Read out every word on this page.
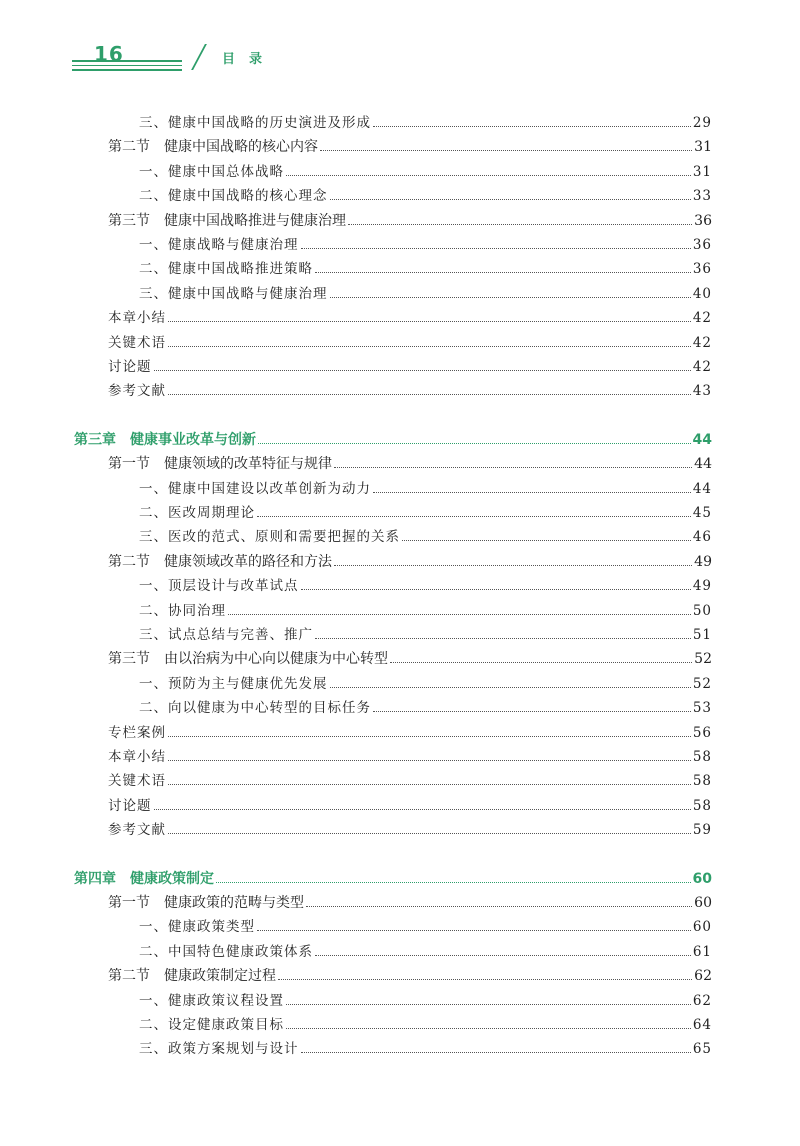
16	目录
三、健康中国战略的历史演进及形成	29
第二节　健康中国战略的核心内容	31
一、健康中国总体战略	31
二、健康中国战略的核心理念	33
第三节　健康中国战略推进与健康治理	36
一、健康战略与健康治理	36
二、健康中国战略推进策略	36
三、健康中国战略与健康治理	40
本章小结	42
关键术语	42
讨论题	42
参考文献	43
第三章　健康事业改革与创新	44
第一节　健康领域的改革特征与规律	44
一、健康中国建设以改革创新为动力	44
二、医改周期理论	45
三、医改的范式、原则和需要把握的关系	46
第二节　健康领域改革的路径和方法	49
一、顶层设计与改革试点	49
二、协同治理	50
三、试点总结与完善、推广	51
第三节　由以治病为中心向以健康为中心转型	52
一、预防为主与健康优先发展	52
二、向以健康为中心转型的目标任务	53
专栏案例	56
本章小结	58
关键术语	58
讨论题	58
参考文献	59
第四章　健康政策制定	60
第一节　健康政策的范畴与类型	60
一、健康政策类型	60
二、中国特色健康政策体系	61
第二节　健康政策制定过程	62
一、健康政策议程设置	62
二、设定健康政策目标	64
三、政策方案规划与设计	65
